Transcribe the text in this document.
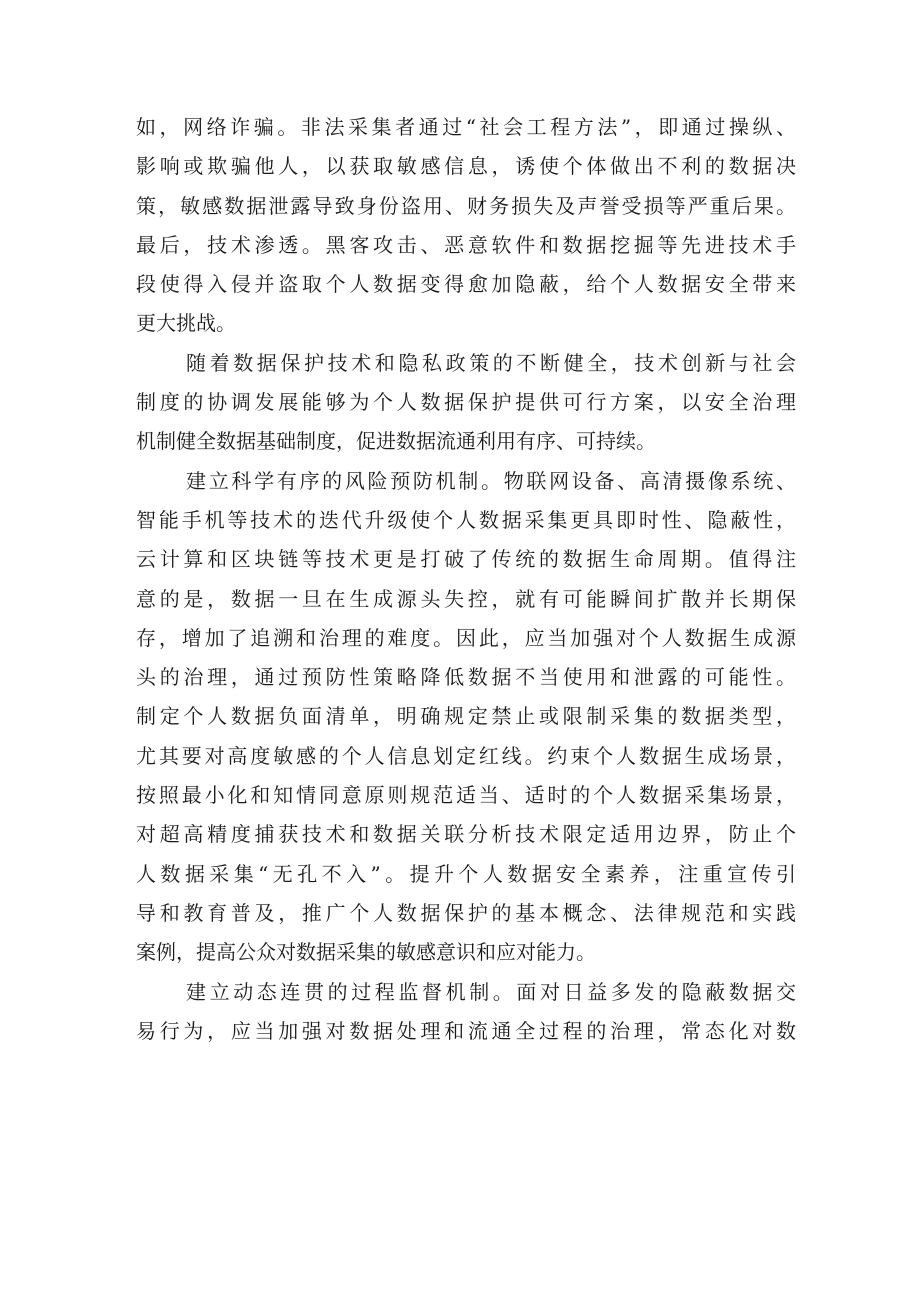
如，网络诈骗。非法采集者通过“社会工程方法”，即通过操纵、
影响或欺骗他人，以获取敏感信息，诱使个体做出不利的数据决
策，敏感数据泄露导致身份盗用、财务损失及声誉受损等严重后果。
最后，技术渗透。黑客攻击、恶意软件和数据挖掘等先进技术手
段使得入侵并盗取个人数据变得愈加隐蔽，给个人数据安全带来
更大挑战。
随着数据保护技术和隐私政策的不断健全，技术创新与社会
制度的协调发展能够为个人数据保护提供可行方案，以安全治理
机制健全数据基础制度，促进数据流通利用有序、可持续。
建立科学有序的风险预防机制。物联网设备、高清摄像系统、
智能手机等技术的迭代升级使个人数据采集更具即时性、隐蔽性，
云计算和区块链等技术更是打破了传统的数据生命周期。值得注
意的是，数据一旦在生成源头失控，就有可能瞬间扩散并长期保
存，增加了追溯和治理的难度。因此，应当加强对个人数据生成源
头的治理，通过预防性策略降低数据不当使用和泄露的可能性。
制定个人数据负面清单，明确规定禁止或限制采集的数据类型，
尤其要对高度敏感的个人信息划定红线。约束个人数据生成场景，
按照最小化和知情同意原则规范适当、适时的个人数据采集场景，
对超高精度捕获技术和数据关联分析技术限定适用边界，防止个
人数据采集“无孔不入”。提升个人数据安全素养，注重宣传引
导和教育普及，推广个人数据保护的基本概念、法律规范和实践
案例，提高公众对数据采集的敏感意识和应对能力。
建立动态连贯的过程监督机制。面对日益多发的隐蔽数据交
易行为，应当加强对数据处理和流通全过程的治理，常态化对数
